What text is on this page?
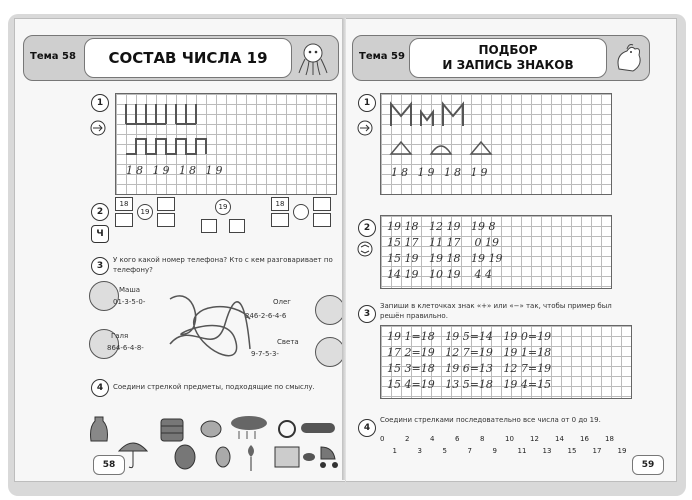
Тема 58	СОСТАВ ЧИСЛА 19
1
18 19 18 19
2
Ч
18
19
19	18
3
У кого какой номер телефона? Кто с кем разговаривает по телефону?
Маша
01-3-5-0-	Олег
246-2-6-4-6
Галя
864-6-4-8-
Света
9-7-5-3-
4	Соедини стрелкой предметы, подходящие по смыслу.
58
Тема 59	ПОДБОР
И ЗАПИСЬ ЗНАКОВ
1
18 19 18 19
2	19 18   12 19   19 8
15 17   11 17    0 19
15 19   19 18   19 19
14 19   10 19    4 4
3
Запиши в клеточках знак «+» или «−» так, чтобы пример был решён правильно.
19 1=18   19 5=14   19 0=19
17 2=19   12 7=19   19 1=18
15 3=18   19 6=13   12 7=19
15 4=19   13 5=18   19 4=15
4
Соедини стрелками последовательно все числа от 0 до 19.
0
1
2
3
4
5
6
7
8
9
10
11
12
13
14
15
16
17
18
19
59
